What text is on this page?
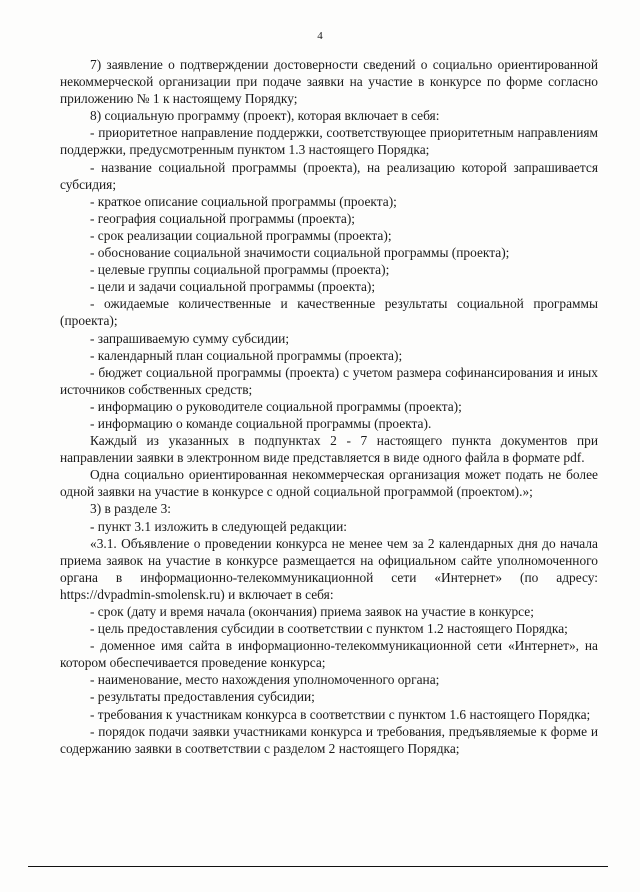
4

7) заявление о подтверждении достоверности сведений о социально ориентированной некоммерческой организации при подаче заявки на участие в конкурсе по форме согласно приложению № 1 к настоящему Порядку;

8) социальную программу (проект), которая включает в себя:

- приоритетное направление поддержки, соответствующее приоритетным направлениям поддержки, предусмотренным пунктом 1.3 настоящего Порядка;

- название социальной программы (проекта), на реализацию которой запрашивается субсидия;

- краткое описание социальной программы (проекта);

- география социальной программы (проекта);

- срок реализации социальной программы (проекта);

- обоснование социальной значимости социальной программы (проекта);

- целевые группы социальной программы (проекта);

- цели и задачи социальной программы (проекта);

- ожидаемые количественные и качественные результаты социальной программы (проекта);

- запрашиваемую сумму субсидии;

- календарный план социальной программы (проекта);

- бюджет социальной программы (проекта) с учетом размера софинансирования и иных источников собственных средств;

- информацию о руководителе социальной программы (проекта);

- информацию о команде социальной программы (проекта).

Каждый из указанных в подпунктах 2 - 7 настоящего пункта документов при направлении заявки в электронном виде представляется в виде одного файла в формате pdf.

Одна социально ориентированная некоммерческая организация может подать не более одной заявки на участие в конкурсе с одной социальной программой (проектом).»;

3) в разделе 3:

- пункт 3.1 изложить в следующей редакции:

«3.1. Объявление о проведении конкурса не менее чем за 2 календарных дня до начала приема заявок на участие в конкурсе размещается на официальном сайте уполномоченного органа в информационно-телекоммуникационной сети «Интернет» (по адресу: https://dvpadmin-smolensk.ru) и включает в себя:

- срок (дату и время начала (окончания) приема заявок на участие в конкурсе;

- цель предоставления субсидии в соответствии с пунктом 1.2 настоящего Порядка;

- доменное имя сайта в информационно-телекоммуникационной сети «Интернет», на котором обеспечивается проведение конкурса;

- наименование, место нахождения уполномоченного органа;

- результаты предоставления субсидии;

- требования к участникам конкурса в соответствии с пунктом 1.6 настоящего Порядка;

- порядок подачи заявки участниками конкурса и требования, предъявляемые к форме и содержанию заявки в соответствии с разделом 2 настоящего Порядка;
